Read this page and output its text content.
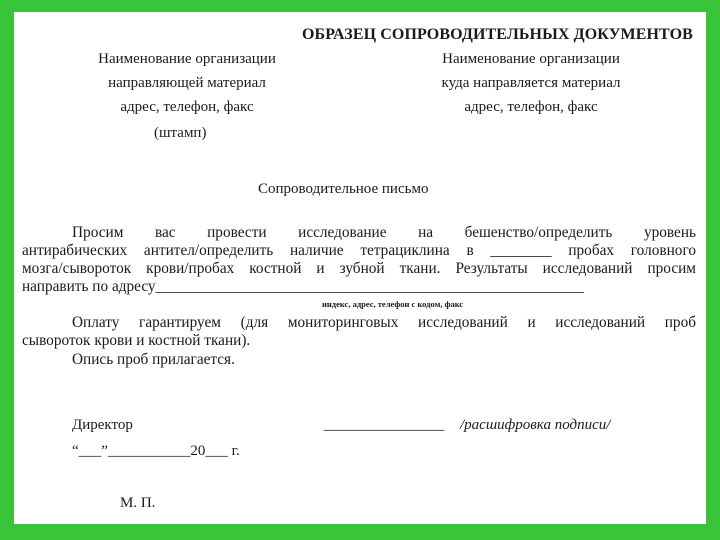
ОБРАЗЕЦ СОПРОВОДИТЕЛЬНЫХ ДОКУМЕНТОВ
Наименование организации
направляющей материал
адрес, телефон, факс
(штамп)
Наименование организации
куда направляется материал
адрес, телефон, факс
Сопроводительное письмо
Просим вас провести исследование на бешенство/определить уровень
антирабических антител/определить наличие тетрациклина в ________ пробах головного
мозга/сывороток крови/пробах костной и зубной ткани. Результаты исследований просим
направить по адресу________________________________________________________
индекс, адрес, телефон с кодом, факс
Оплату гарантируем (для мониторинговых исследований и исследований проб
сывороток крови и костной ткани).
Опись проб прилагается.
Директор	________________ /расшифровка подписи/
“___”___________20___ г.
М. П.
